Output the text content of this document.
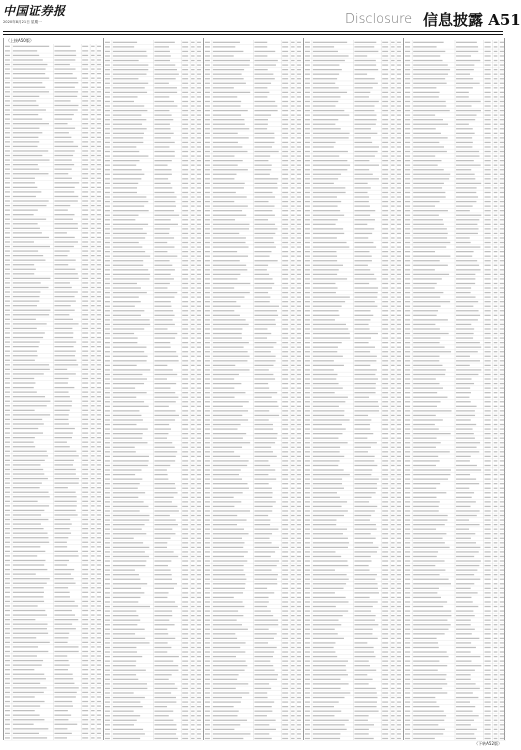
中国证券报
2020年8月21日 星期一	Disclosure 信息披露 A51
（上接A50版）
（下转A52版）
